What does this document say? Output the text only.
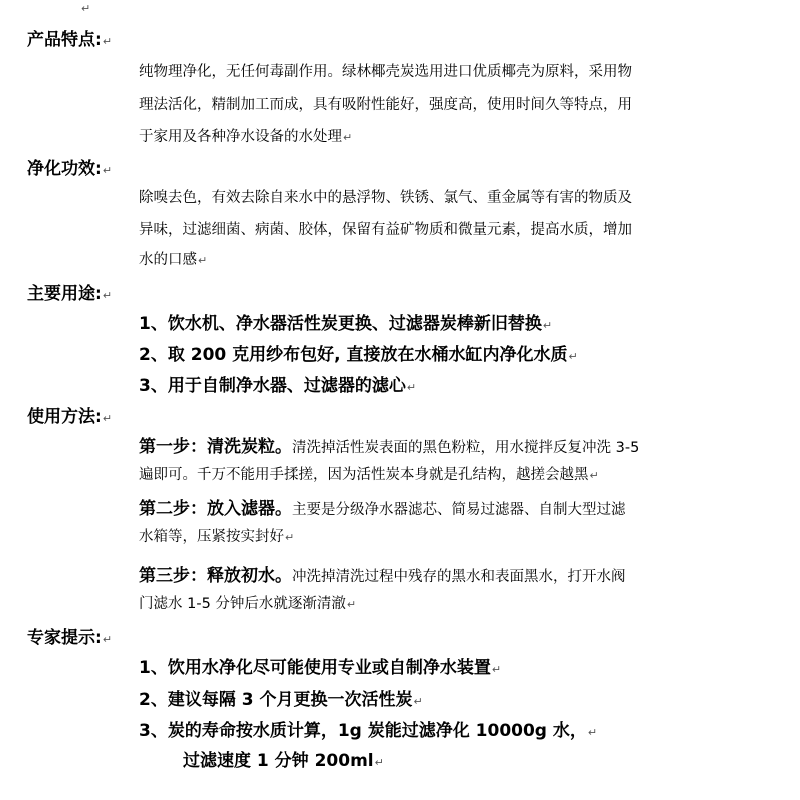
产品特点:↵
纯物理净化，无任何毒副作用。绿林椰壳炭选用进口优质椰壳为原料，采用物
理法活化，精制加工而成，具有吸附性能好，强度高，使用时间久等特点，用
于家用及各种净水设备的水处理↵
净化功效:↵
除嗅去色，有效去除自来水中的悬浮物、铁锈、氯气、重金属等有害的物质及
异味，过滤细菌、病菌、胶体，保留有益矿物质和微量元素，提高水质，增加
水的口感↵
主要用途:↵
1、饮水机、净水器活性炭更换、过滤器炭棒新旧替换↵
2、取 200 克用纱布包好, 直接放在水桶水缸内净化水质↵
3、用于自制净水器、过滤器的滤心↵
使用方法:↵
第一步：清洗炭粒。清洗掉活性炭表面的黑色粉粒，用水搅拌反复冲洗 3-5
遍即可。千万不能用手揉搓，因为活性炭本身就是孔结构，越搓会越黑↵
第二步：放入滤器。主要是分级净水器滤芯、简易过滤器、自制大型过滤
水箱等，压紧按实封好↵
第三步：释放初水。冲洗掉清洗过程中残存的黑水和表面黑水，打开水阀
门滤水 1-5 分钟后水就逐渐清澈↵
专家提示:↵
1、饮用水净化尽可能使用专业或自制净水装置↵
2、建议每隔 3 个月更换一次活性炭↵
3、炭的寿命按水质计算，1g 炭能过滤净化 10000g 水，↵
过滤速度 1 分钟 200ml↵
↵
